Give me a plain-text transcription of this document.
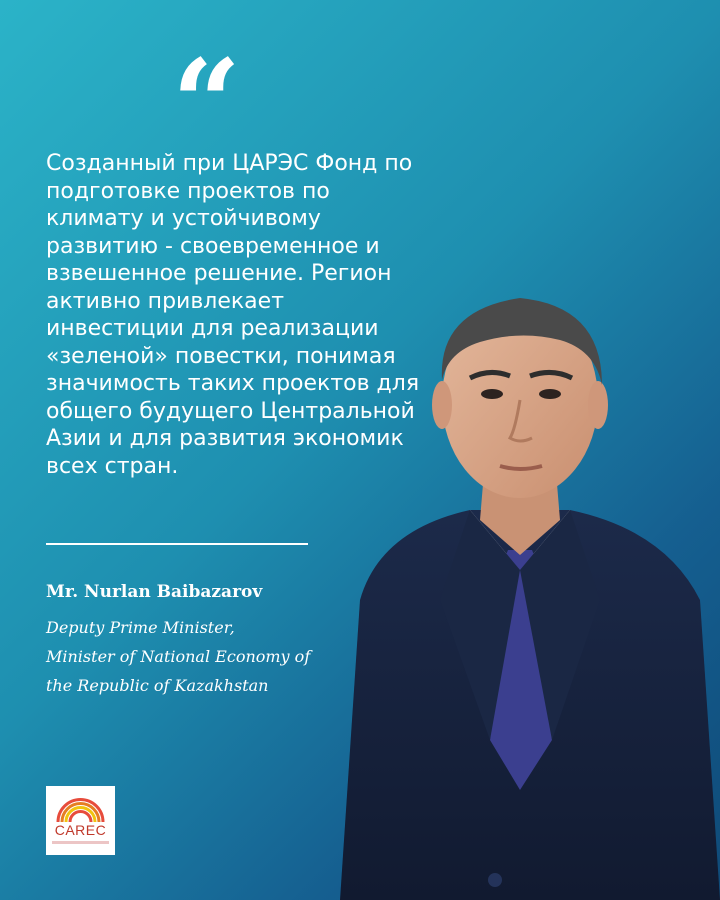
“

Созданный при ЦАРЭС Фонд по подготовке проектов по климату и устойчивому развитию - своевременное и взвешенное решение. Регион активно привлекает инвестиции для реализации «зеленой» повестки, понимая значимость таких проектов для общего будущего Центральной Азии и для развития экономик всех стран.

Mr. Nurlan Baibazarov
Deputy Prime Minister,
Minister of National Economy of
the Republic of Kazakhstan
CAREC
